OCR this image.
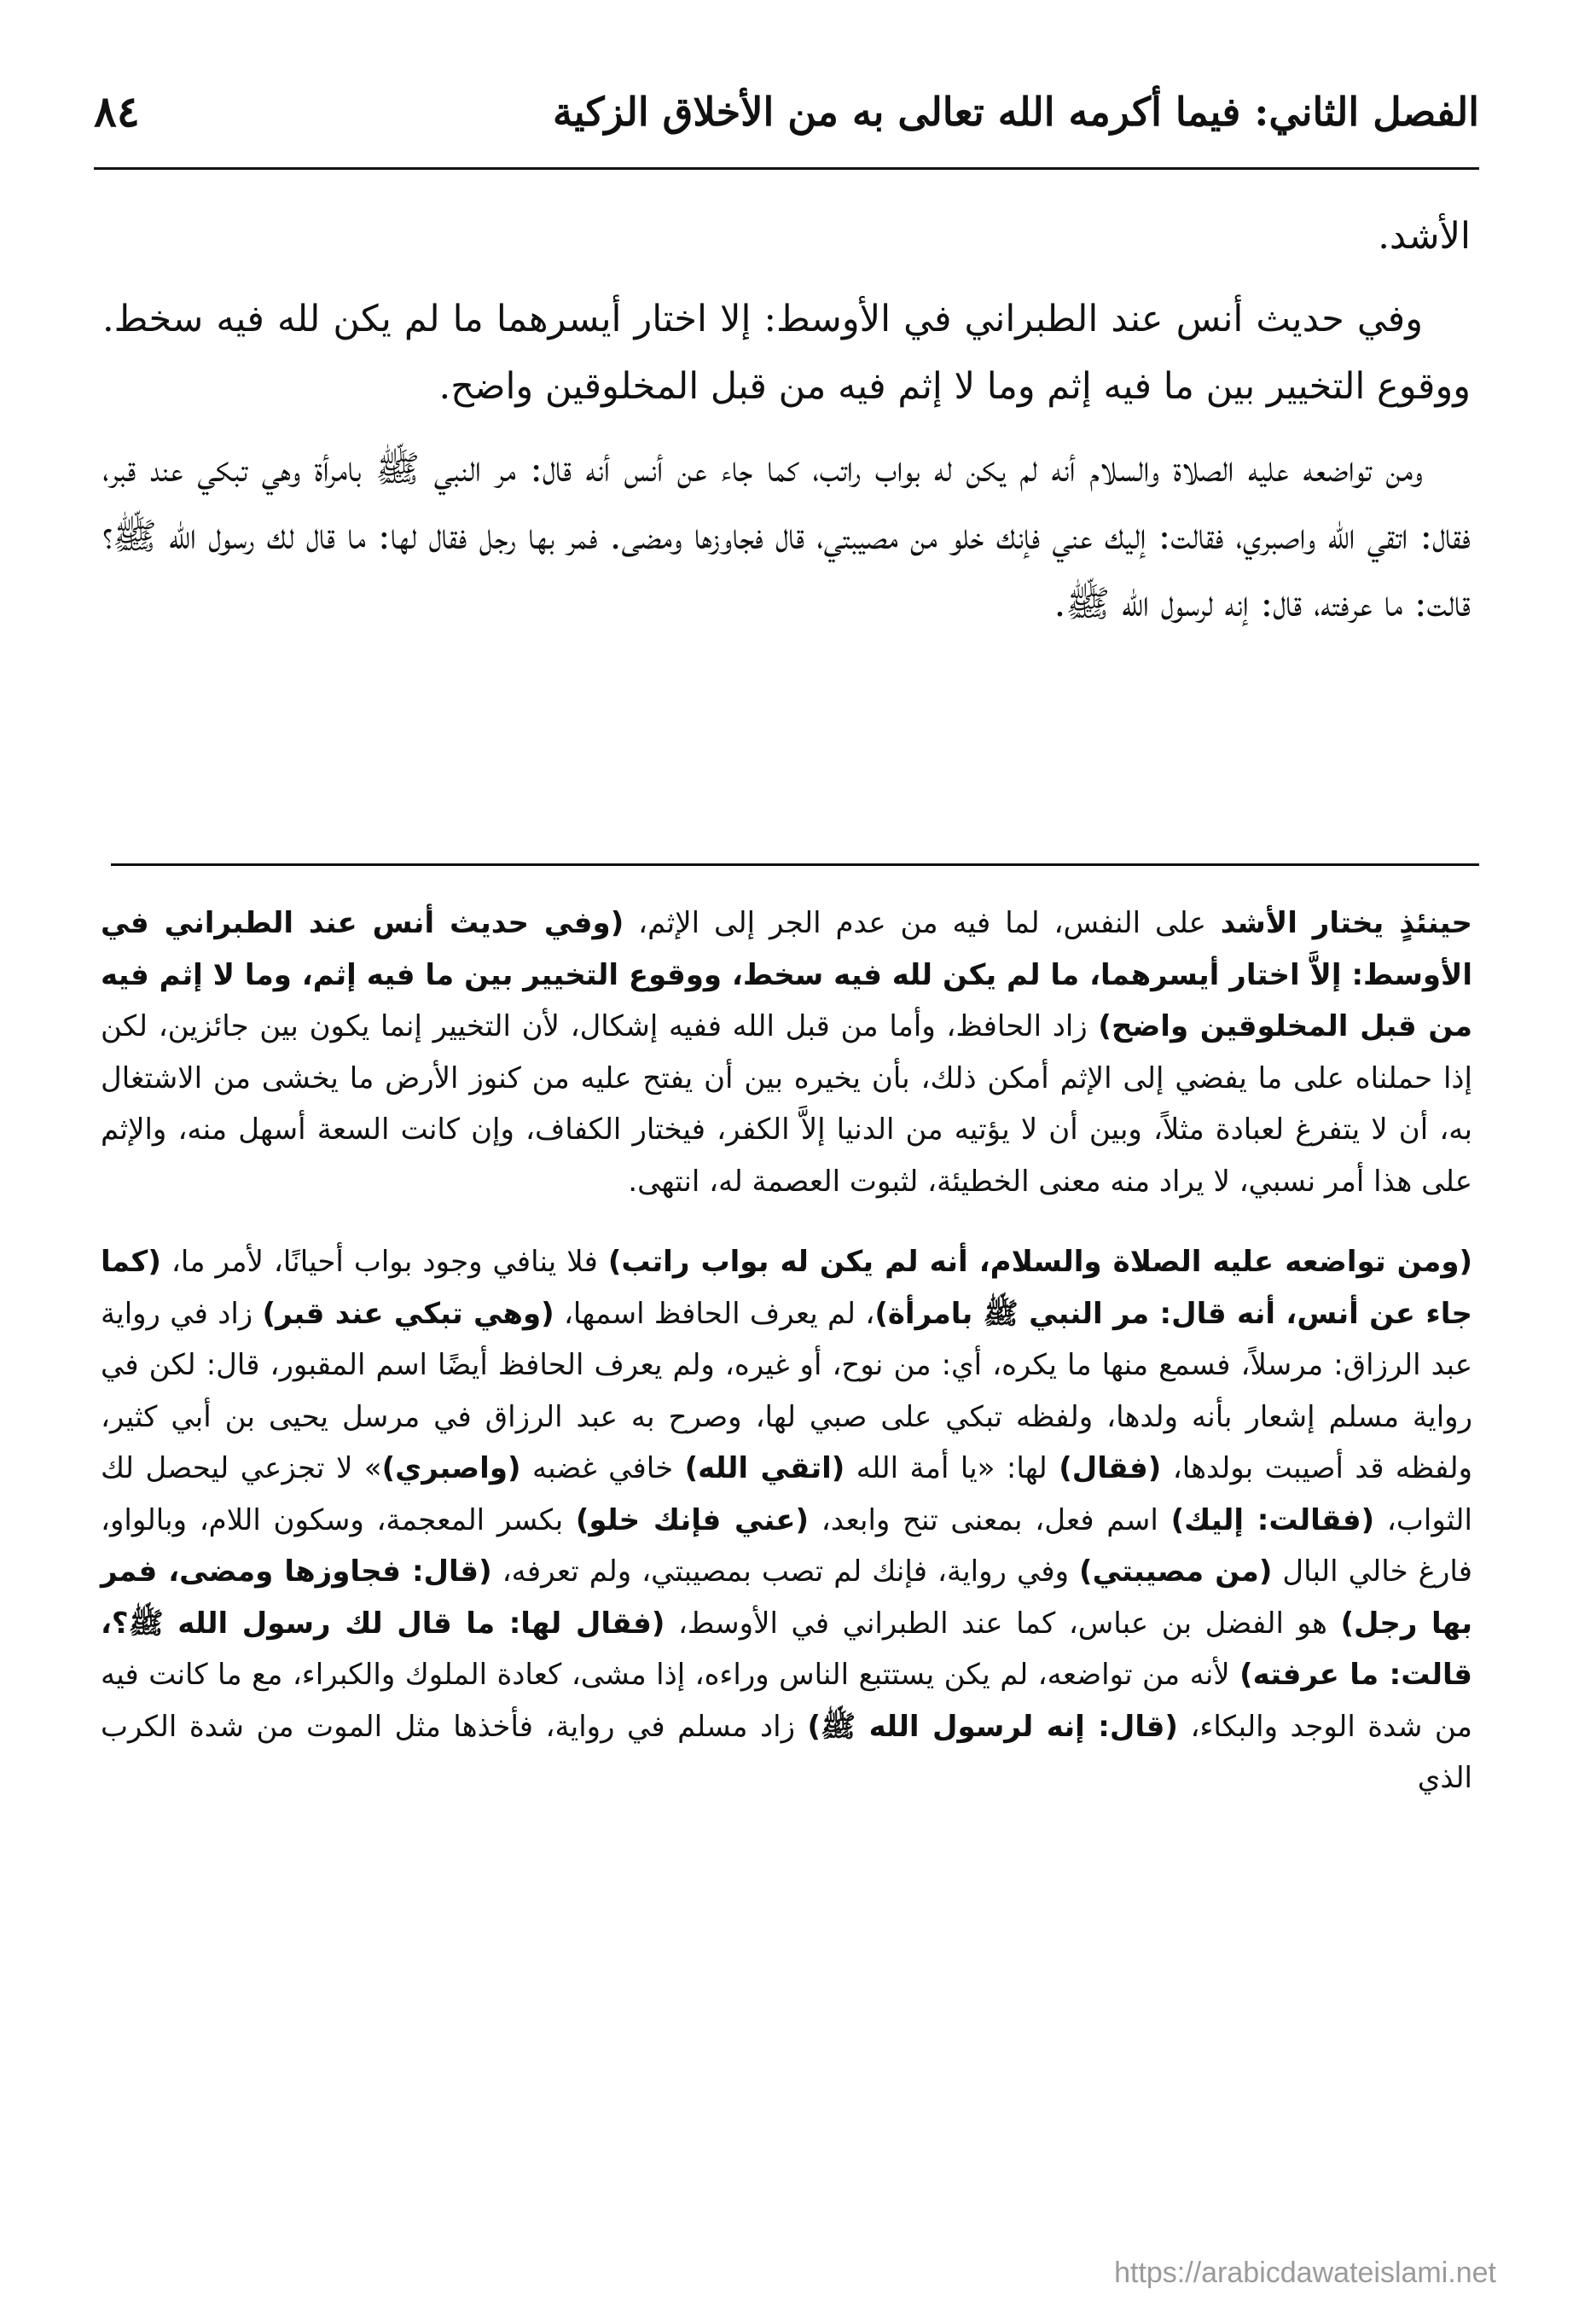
الفصل الثاني: فيما أكرمه الله تعالى به من الأخلاق الزكية
٨٤

الأشد.

وفي حديث أنس عند الطبراني في الأوسط: إلا اختار أيسرهما ما لم يكن لله فيه سخط. ووقوع التخيير بين ما فيه إثم وما لا إثم فيه من قبل المخلوقين واضح.

ومن تواضعه عليه الصلاة والسلام أنه لم يكن له بواب راتب، كما جاء عن أنس أنه قال: مر النبي ﷺ بامرأة وهي تبكي عند قبر، فقال: اتقي الله واصبري، فقالت: إليك عني فإنك خلو من مصيبتي، قال فجاوزها ومضى. فمر بها رجل فقال لها: ما قال لك رسول الله ﷺ؟ قالت: ما عرفته، قال: إنه لرسول الله ﷺ.

حينئذٍ يختار الأشد على النفس، لما فيه من عدم الجر إلى الإثم، (وفي حديث أنس عند الطبراني في الأوسط: إلاَّ اختار أيسرهما، ما لم يكن لله فيه سخط، ووقوع التخيير بين ما فيه إثم، وما لا إثم فيه من قبل المخلوقين واضح) زاد الحافظ، وأما من قبل الله ففيه إشكال، لأن التخيير إنما يكون بين جائزين، لكن إذا حملناه على ما يفضي إلى الإثم أمكن ذلك، بأن يخيره بين أن يفتح عليه من كنوز الأرض ما يخشى من الاشتغال به، أن لا يتفرغ لعبادة مثلاً، وبين أن لا يؤتيه من الدنيا إلاَّ الكفر، فيختار الكفاف، وإن كانت السعة أسهل منه، والإثم على هذا أمر نسبي، لا يراد منه معنى الخطيئة، لثبوت العصمة له، انتهى.

(ومن تواضعه عليه الصلاة والسلام، أنه لم يكن له بواب راتب) فلا ينافي وجود بواب أحيانًا، لأمر ما، (كما جاء عن أنس، أنه قال: مر النبي ﷺ بامرأة)، لم يعرف الحافظ اسمها، (وهي تبكي عند قبر) زاد في رواية عبد الرزاق: مرسلاً، فسمع منها ما يكره، أي: من نوح، أو غيره، ولم يعرف الحافظ أيضًا اسم المقبور، قال: لكن في رواية مسلم إشعار بأنه ولدها، ولفظه تبكي على صبي لها، وصرح به عبد الرزاق في مرسل يحيى بن أبي كثير، ولفظه قد أصيبت بولدها، (فقال) لها: «يا أمة الله (اتقي الله) خافي غضبه (واصبري)» لا تجزعي ليحصل لك الثواب، (فقالت: إليك) اسم فعل، بمعنى تنح وابعد، (عني فإنك خلو) بكسر المعجمة، وسكون اللام، وبالواو، فارغ خالي البال (من مصيبتي) وفي رواية، فإنك لم تصب بمصيبتي، ولم تعرفه، (قال: فجاوزها ومضى، فمر بها رجل) هو الفضل بن عباس، كما عند الطبراني في الأوسط، (فقال لها: ما قال لك رسول الله ﷺ؟، قالت: ما عرفته) لأنه من تواضعه، لم يكن يستتبع الناس وراءه، إذا مشى، كعادة الملوك والكبراء، مع ما كانت فيه من شدة الوجد والبكاء، (قال: إنه لرسول الله ﷺ) زاد مسلم في رواية، فأخذها مثل الموت من شدة الكرب الذي

https://arabicdawateislami.net
